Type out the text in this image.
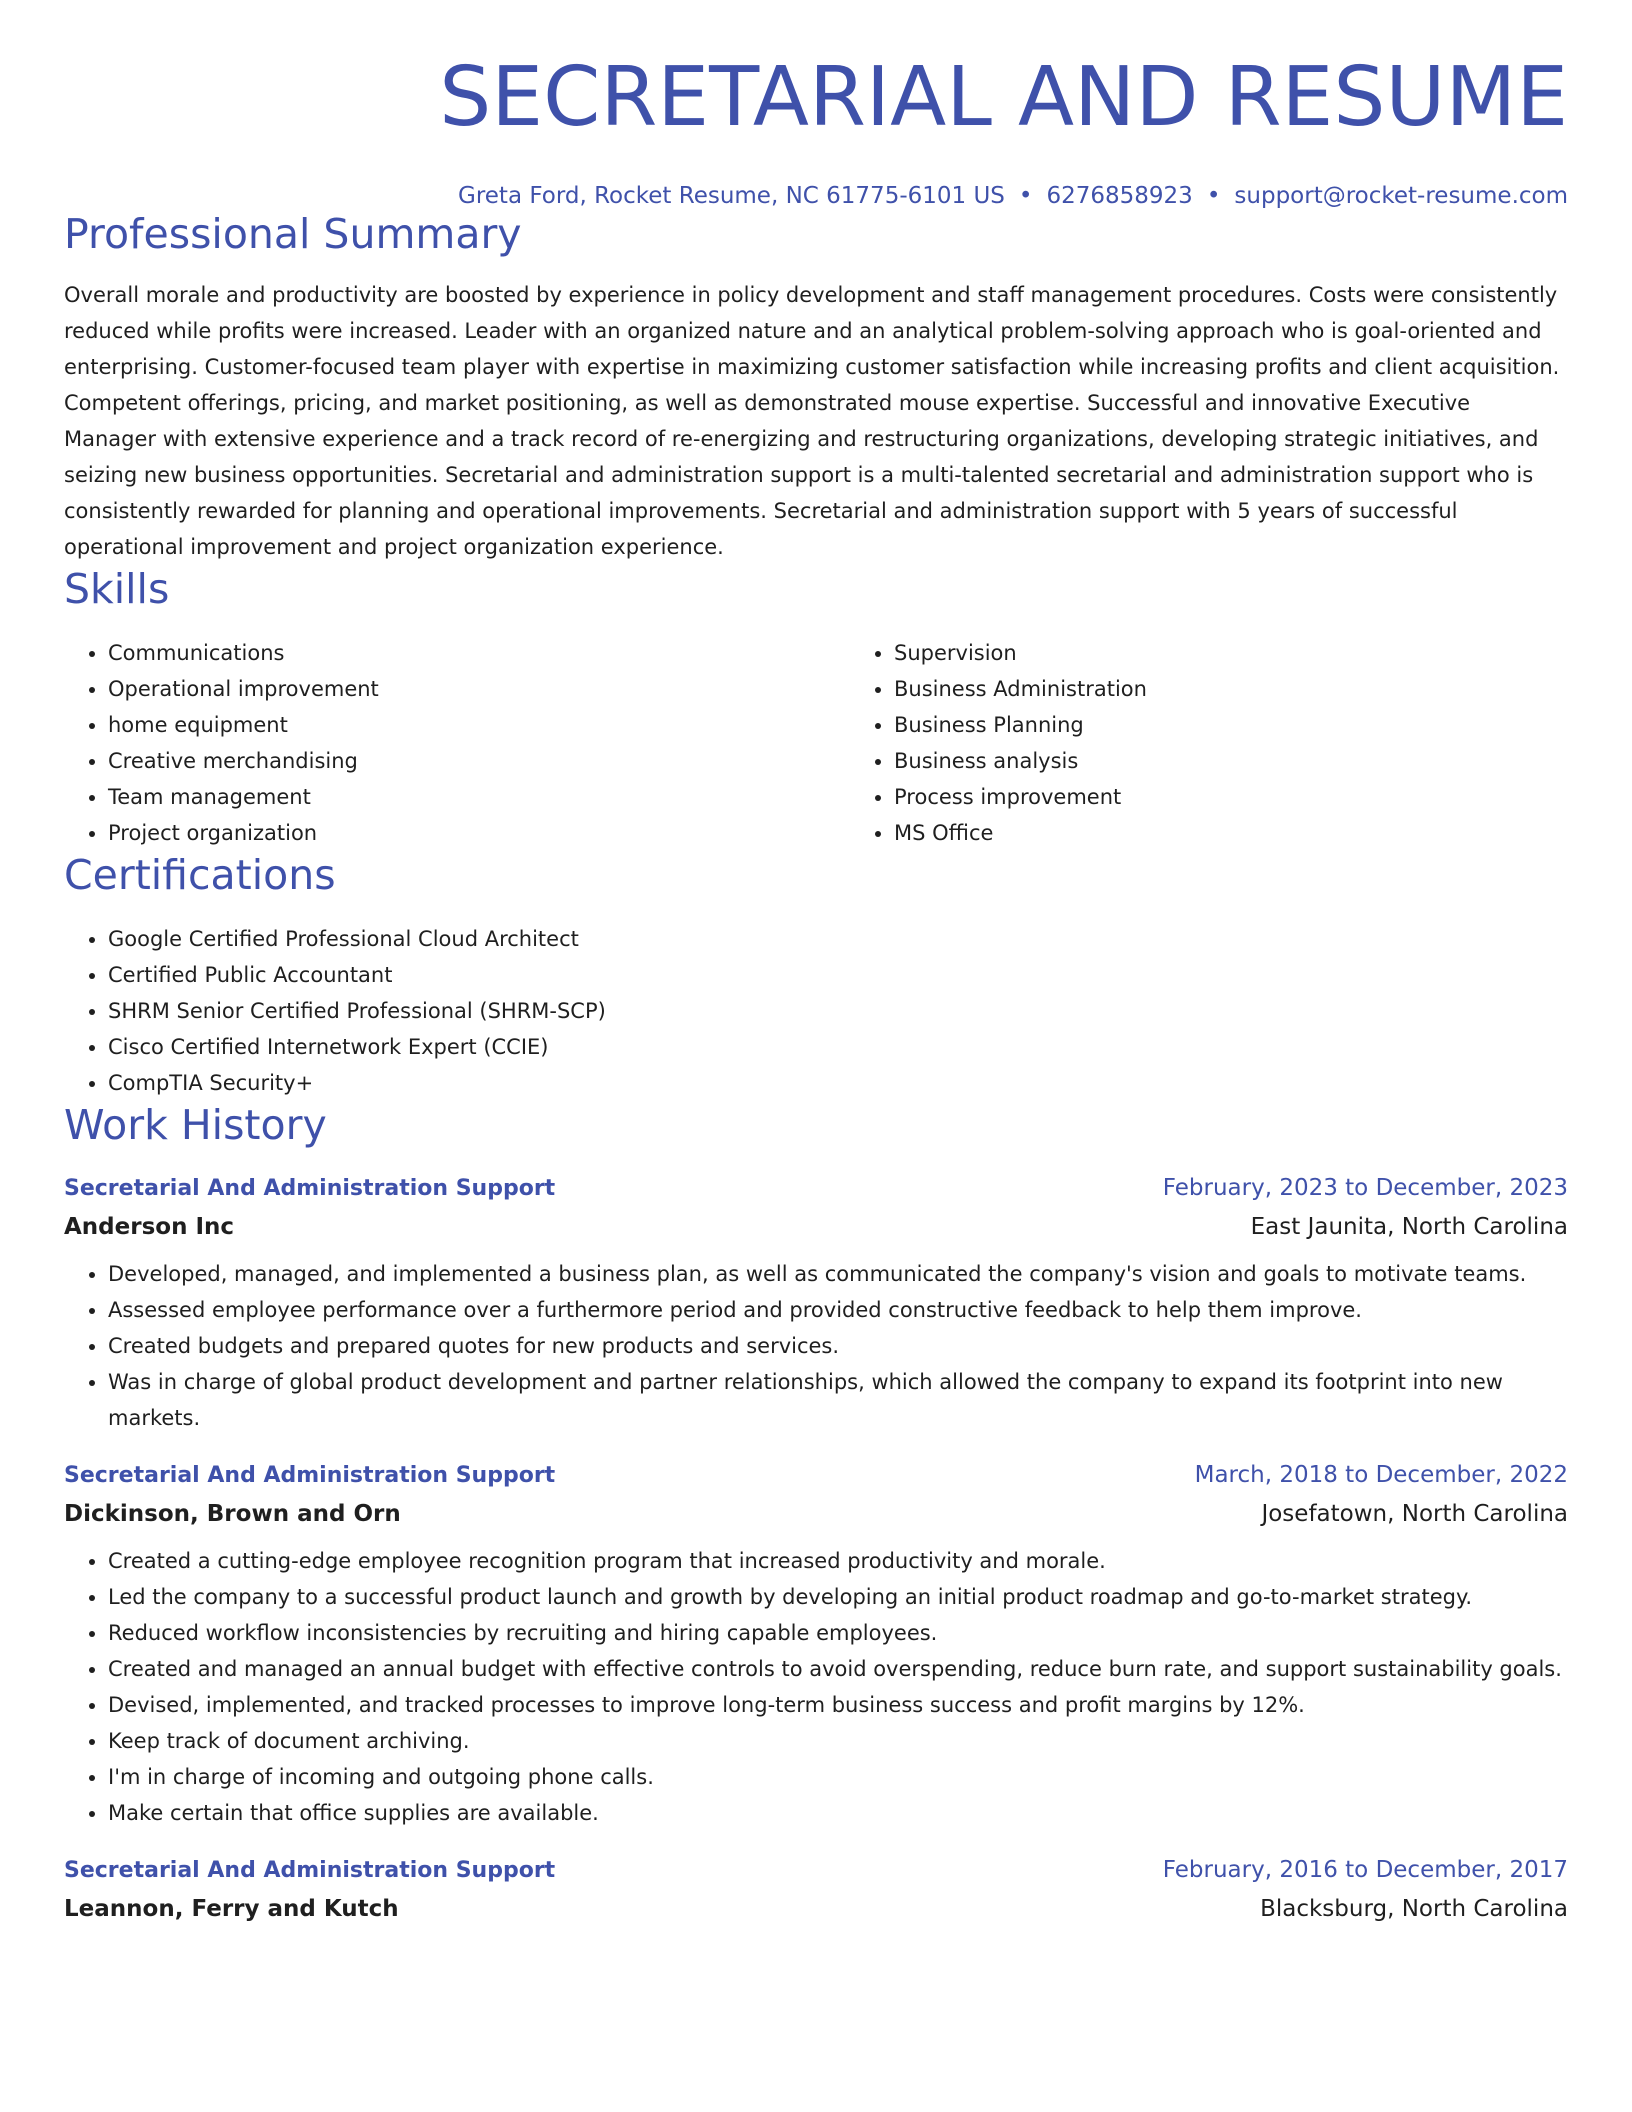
SECRETARIAL AND RESUME
Greta Ford, Rocket Resume, NC 61775-6101 US • 6276858923 • support@rocket-resume.com
Professional Summary

Overall morale and productivity are boosted by experience in policy development and staff management procedures. Costs were consistently reduced while profits were increased. Leader with an organized nature and an analytical problem-solving approach who is goal-oriented and enterprising. Customer-focused team player with expertise in maximizing customer satisfaction while increasing profits and client acquisition. Competent offerings, pricing, and market positioning, as well as demonstrated mouse expertise. Successful and innovative Executive Manager with extensive experience and a track record of re-energizing and restructuring organizations, developing strategic initiatives, and seizing new business opportunities. Secretarial and administration support is a multi-talented secretarial and administration support who is consistently rewarded for planning and operational improvements. Secretarial and administration support with 5 years of successful operational improvement and project organization experience.

Skills
• Communications
• Operational improvement
• home equipment
• Creative merchandising
• Team management
• Project organization
• Supervision
• Business Administration
• Business Planning
• Business analysis
• Process improvement
• MS Office
Certifications
• Google Certified Professional Cloud Architect
• Certified Public Accountant
• SHRM Senior Certified Professional (SHRM-SCP)
• Cisco Certified Internetwork Expert (CCIE)
• CompTIA Security+
Work History
Secretarial And Administration Support	February, 2023 to December, 2023
Anderson Inc	East Jaunita, North Carolina
• Developed, managed, and implemented a business plan, as well as communicated the company's vision and goals to motivate teams.
• Assessed employee performance over a furthermore period and provided constructive feedback to help them improve.
• Created budgets and prepared quotes for new products and services.
• Was in charge of global product development and partner relationships, which allowed the company to expand its footprint into new markets.
Secretarial And Administration Support	March, 2018 to December, 2022
Dickinson, Brown and Orn	Josefatown, North Carolina
• Created a cutting-edge employee recognition program that increased productivity and morale.
• Led the company to a successful product launch and growth by developing an initial product roadmap and go-to-market strategy.
• Reduced workflow inconsistencies by recruiting and hiring capable employees.
• Created and managed an annual budget with effective controls to avoid overspending, reduce burn rate, and support sustainability goals.
• Devised, implemented, and tracked processes to improve long-term business success and profit margins by 12%.
• Keep track of document archiving.
• I'm in charge of incoming and outgoing phone calls.
• Make certain that office supplies are available.
Secretarial And Administration Support	February, 2016 to December, 2017
Leannon, Ferry and Kutch	Blacksburg, North Carolina
